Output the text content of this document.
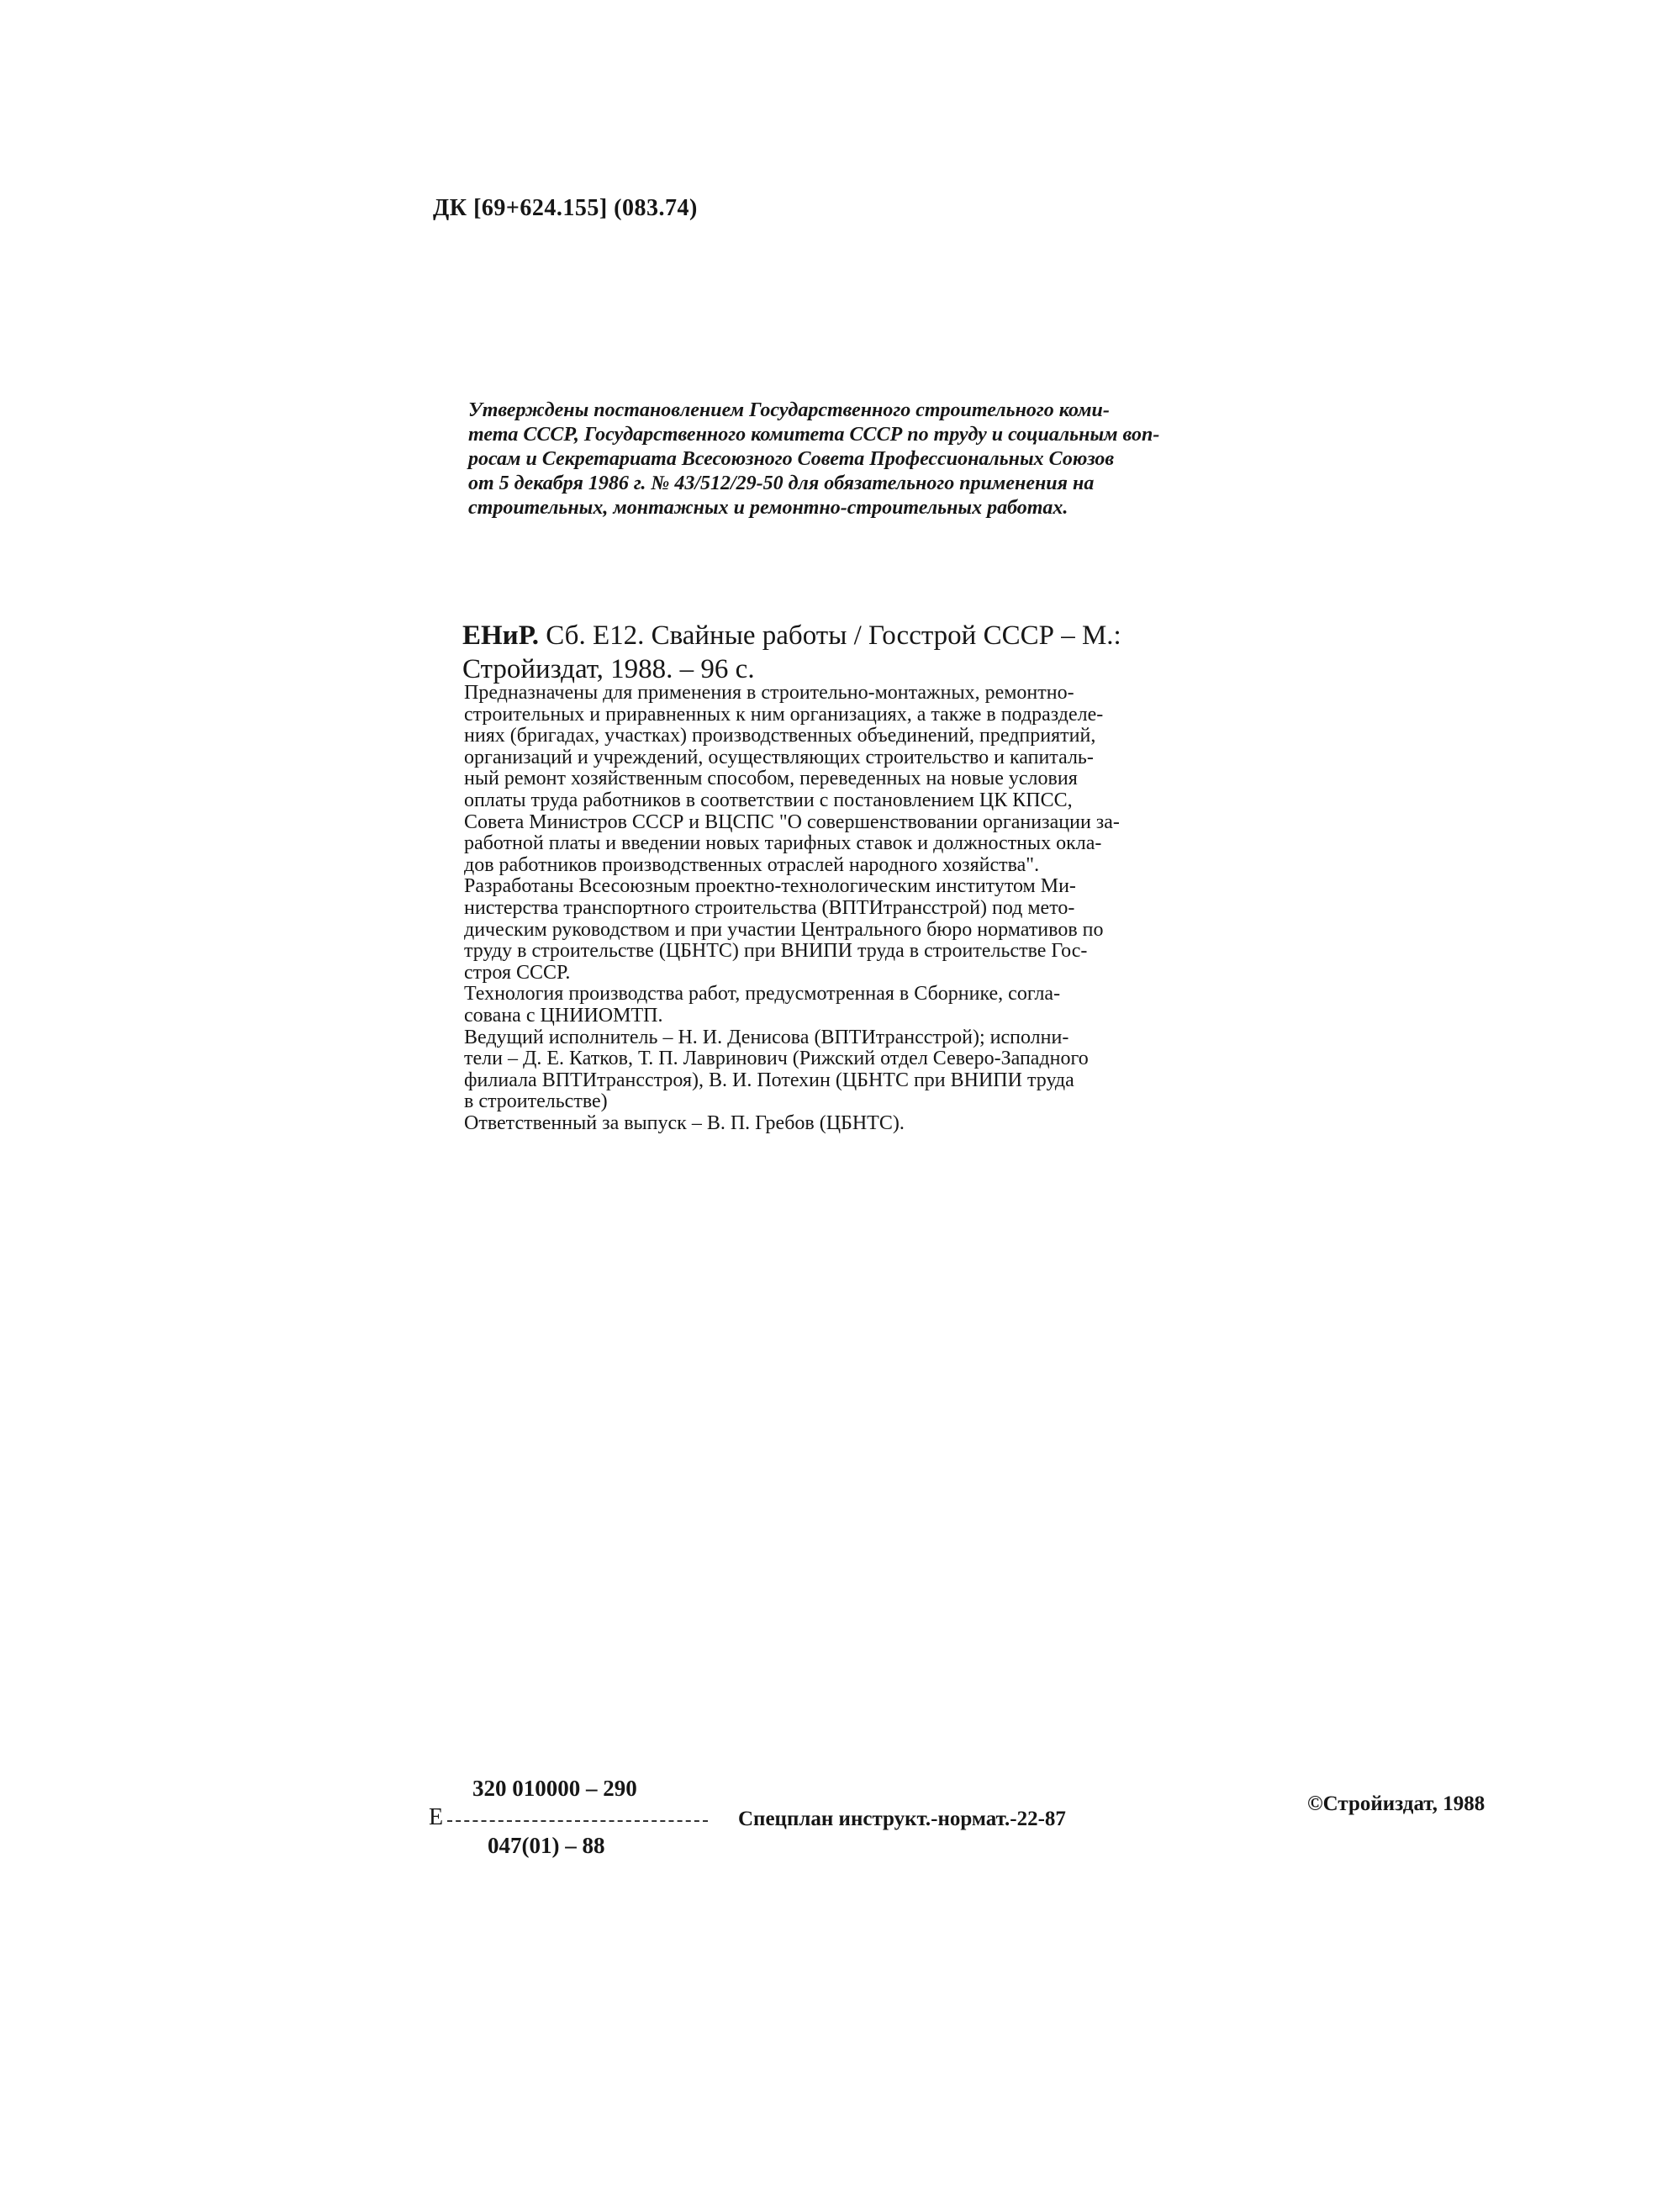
ДК [69+624.155] (083.74)
Утверждены постановлением Государственного строительного коми-
тета СССР, Государственного комитета СССР по труду и социальным воп-
росам и Секретариата Всесоюзного Совета Профессиональных Союзов
от 5 декабря 1986 г. № 43/512/29-50 для обязательного применения на
строительных, монтажных и ремонтно-строительных работах.
ЕНиР. Сб. Е12. Свайные работы / Госстрой СССР – М.:
Стройиздат, 1988. – 96 с.

Предназначены для применения в строительно-монтажных, ремонтно-
строительных и приравненных к ним организациях, а также в подразделе-
ниях (бригадах, участках) производственных объединений, предприятий,
организаций и учреждений, осуществляющих строительство и капиталь-
ный ремонт хозяйственным способом, переведенных на новые условия
оплаты труда работников в соответствии с постановлением ЦК КПСС,
Совета Министров СССР и ВЦСПС "О совершенствовании организации за-
работной платы и введении новых тарифных ставок и должностных окла-
дов работников производственных отраслей народного хозяйства".

Разработаны Всесоюзным проектно-технологическим институтом Ми-
нистерства транспортного строительства (ВПТИтрансстрой) под мето-
дическим руководством и при участии Центрального бюро нормативов по
труду в строительстве (ЦБНТС) при ВНИПИ труда в строительстве Гос-
строя СССР.

Технология производства работ, предусмотренная в Сборнике, согла-
сована с ЦНИИОМТП.

Ведущий исполнитель – Н. И. Денисова (ВПТИтрансстрой); исполни-
тели – Д. Е. Катков, Т. П. Лавринович (Рижский отдел Северо-Западного
филиала ВПТИтрансстроя), В. И. Потехин (ЦБНТС при ВНИПИ труда
в строительстве)

Ответственный за выпуск – В. П. Гребов (ЦБНТС).

Е
320 010000 – 290
047(01) – 88
Спецплан инструкт.-нормат.-22-87
©Стройиздат, 1988
